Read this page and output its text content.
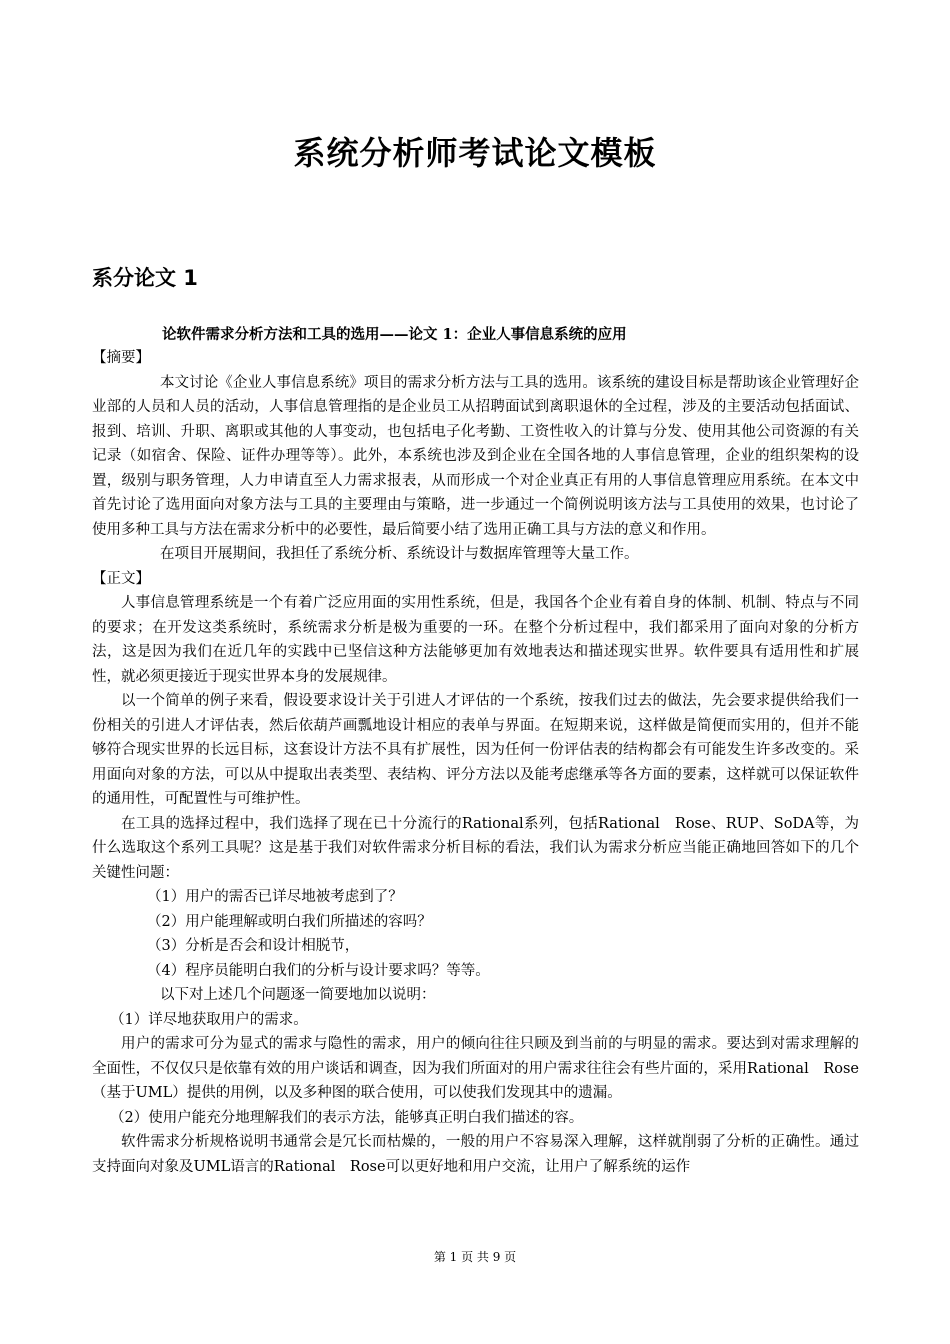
系统分析师考试论文模板
系分论文 1

论软件需求分析方法和工具的选用——论文 1：企业人事信息系统的应用

【摘要】

本文讨论《企业人事信息系统》项目的需求分析方法与工具的选用。该系统的建设目标是帮助该企业管理好企业部的人员和人员的活动，人事信息管理指的是企业员工从招聘面试到离职退休的全过程，涉及的主要活动包括面试、报到、培训、升职、离职或其他的人事变动，也包括电子化考勤、工资性收入的计算与分发、使用其他公司资源的有关记录（如宿舍、保险、证件办理等等）。此外，本系统也涉及到企业在全国各地的人事信息管理，企业的组织架构的设置，级别与职务管理，人力申请直至人力需求报表，从而形成一个对企业真正有用的人事信息管理应用系统。在本文中首先讨论了选用面向对象方法与工具的主要理由与策略，进一步通过一个简例说明该方法与工具使用的效果，也讨论了使用多种工具与方法在需求分析中的必要性，最后简要小结了选用正确工具与方法的意义和作用。

在项目开展期间，我担任了系统分析、系统设计与数据库管理等大量工作。

【正文】

人事信息管理系统是一个有着广泛应用面的实用性系统，但是，我国各个企业有着自身的体制、机制、特点与不同的要求；在开发这类系统时，系统需求分析是极为重要的一环。在整个分析过程中，我们都采用了面向对象的分析方法，这是因为我们在近几年的实践中已坚信这种方法能够更加有效地表达和描述现实世界。软件要具有适用性和扩展性，就必须更接近于现实世界本身的发展规律。

以一个简单的例子来看，假设要求设计关于引进人才评估的一个系统，按我们过去的做法，先会要求提供给我们一份相关的引进人才评估表，然后依葫芦画瓢地设计相应的表单与界面。在短期来说，这样做是简便而实用的，但并不能够符合现实世界的长远目标，这套设计方法不具有扩展性，因为任何一份评估表的结构都会有可能发生许多改变的。采用面向对象的方法，可以从中提取出表类型、表结构、评分方法以及能考虑继承等各方面的要素，这样就可以保证软件的通用性，可配置性与可维护性。

在工具的选择过程中，我们选择了现在已十分流行的Rational系列，包括Rational　Rose、RUP、SoDA等，为什么选取这个系列工具呢？这是基于我们对软件需求分析目标的看法，我们认为需求分析应当能正确地回答如下的几个关键性问题：

（1）用户的需否已详尽地被考虑到了？

（2）用户能理解或明白我们所描述的容吗？

（3）分析是否会和设计相脱节，

（4）程序员能明白我们的分析与设计要求吗？等等。

以下对上述几个问题逐一简要地加以说明：

（1）详尽地获取用户的需求。

用户的需求可分为显式的需求与隐性的需求，用户的倾向往往只顾及到当前的与明显的需求。要达到对需求理解的全面性，不仅仅只是依靠有效的用户谈话和调查，因为我们所面对的用户需求往往会有些片面的，采用Rational　Rose（基于UML）提供的用例，以及多种图的联合使用，可以使我们发现其中的遗漏。

（2）使用户能充分地理解我们的表示方法，能够真正明白我们描述的容。

软件需求分析规格说明书通常会是冗长而枯燥的，一般的用户不容易深入理解，这样就削弱了分析的正确性。通过支持面向对象及UML语言的Rational　Rose可以更好地和用户交流，让用户了解系统的运作

第 1 页 共 9 页
